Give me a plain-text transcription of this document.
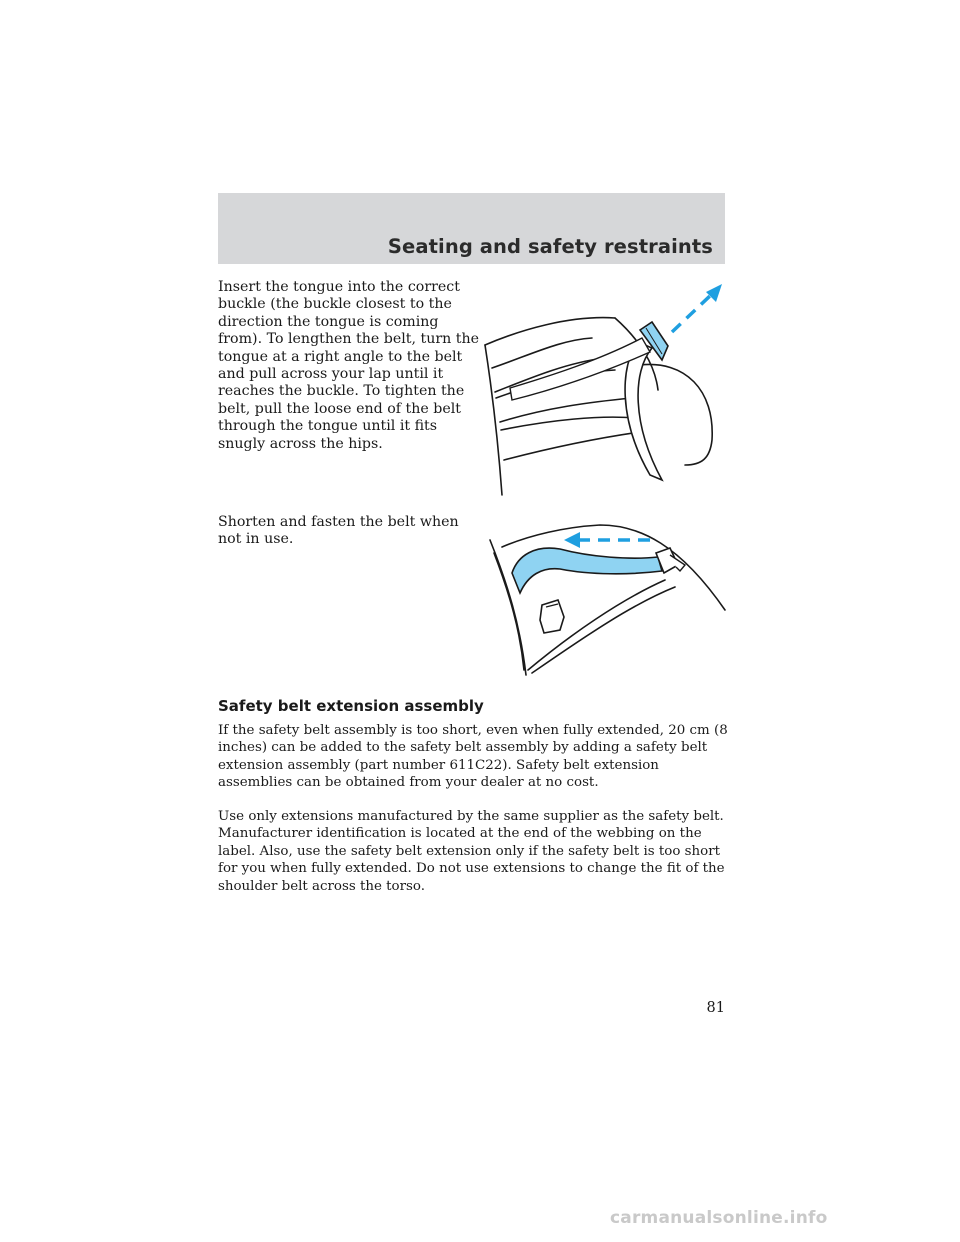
Seating and safety restraints

Insert the tongue into the correct buckle (the buckle closest to the direction the tongue is coming from). To lengthen the belt, turn the tongue at a right angle to the belt and pull across your lap until it reaches the buckle. To tighten the belt, pull the loose end of the belt through the tongue until it fits snugly across the hips.

Shorten and fasten the belt when not in use.

Safety belt extension assembly

If the safety belt assembly is too short, even when fully extended, 20 cm (8 inches) can be added to the safety belt assembly by adding a safety belt extension assembly (part number 611C22). Safety belt extension assemblies can be obtained from your dealer at no cost.

Use only extensions manufactured by the same supplier as the safety belt. Manufacturer identification is located at the end of the webbing on the label. Also, use the safety belt extension only if the safety belt is too short for you when fully extended. Do not use extensions to change the fit of the shoulder belt across the torso.

81

carmanualsonline.info
